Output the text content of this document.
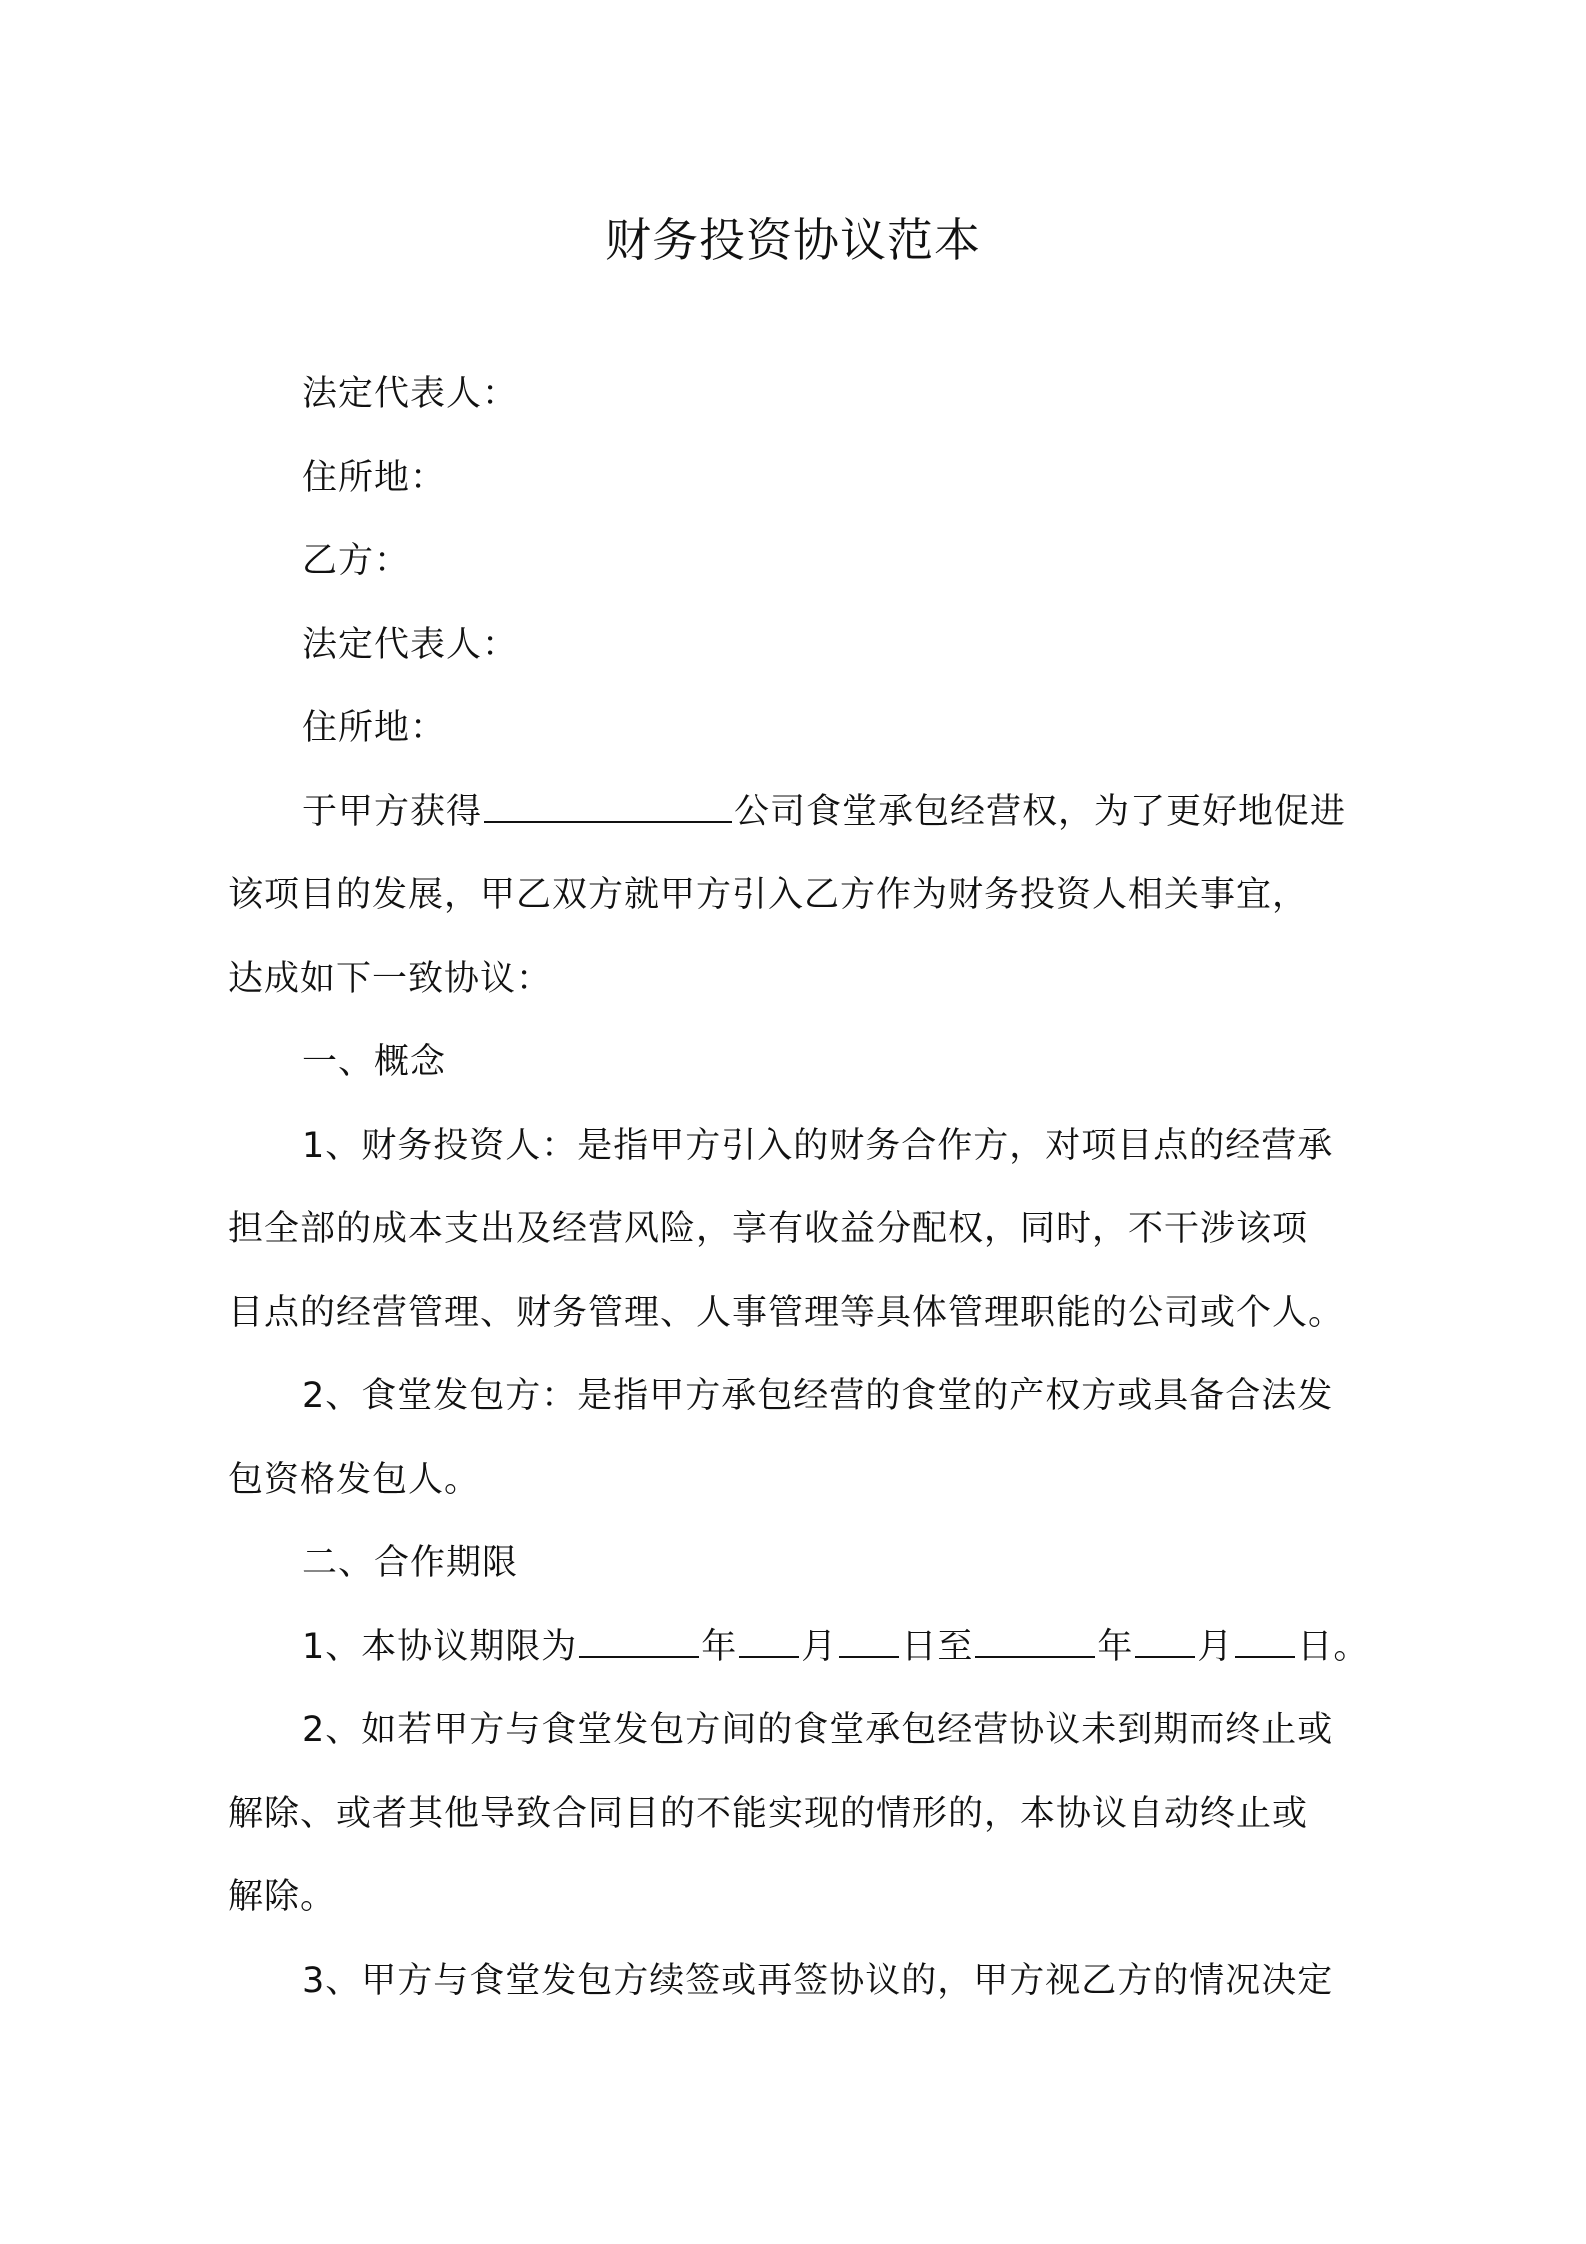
财务投资协议范本
法定代表人：
住所地：
乙方：
法定代表人：
住所地：
于甲方获得	公司食堂承包经营权，为了更好地促进
该项目的发展，甲乙双方就甲方引入乙方作为财务投资人相关事宜，
达成如下一致协议：
一、概念
1、财务投资人：是指甲方引入的财务合作方，对项目点的经营承
担全部的成本支出及经营风险，享有收益分配权，同时，不干涉该项
目点的经营管理、财务管理、人事管理等具体管理职能的公司或个人。
2、食堂发包方：是指甲方承包经营的食堂的产权方或具备合法发
包资格发包人。
二、合作期限
1、本协议期限为	年 月 日至	年 月 日。
2、如若甲方与食堂发包方间的食堂承包经营协议未到期而终止或
解除、或者其他导致合同目的不能实现的情形的，本协议自动终止或
解除。
3、甲方与食堂发包方续签或再签协议的，甲方视乙方的情况决定
